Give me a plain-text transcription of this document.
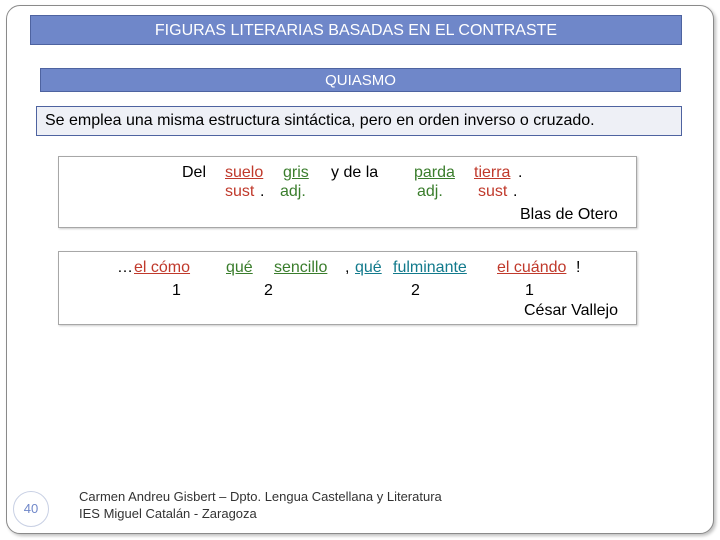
FIGURAS LITERARIAS BASADAS EN EL CONTRASTE
QUIASMO
Se emplea una misma estructura sintáctica, pero en orden inverso o cruzado.
Del suelo gris y de la parda tierra .
sust . adj.	adj. sust .
Blas de Otero
… el cómo qué sencillo , qué fulminante el cuándo !
1	2	2	1
César Vallejo
40
Carmen Andreu Gisbert – Dpto. Lengua Castellana y Literatura
IES Miguel Catalán - Zaragoza
